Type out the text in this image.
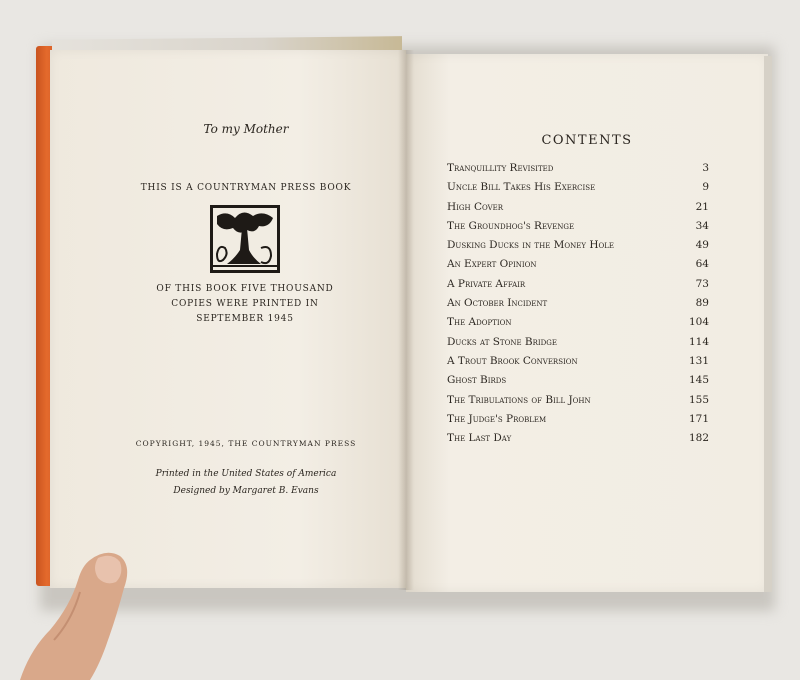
To my Mother
THIS IS A COUNTRYMAN PRESS BOOK
OF THIS BOOK FIVE THOUSAND
COPIES WERE PRINTED IN
SEPTEMBER 1945
COPYRIGHT, 1945, THE COUNTRYMAN PRESS
Printed in the United States of America
Designed by Margaret B. Evans
CONTENTS
Tranquillity Revisited	3
Uncle Bill Takes His Exercise	9
High Cover	21
The Groundhog's Revenge	34
Dusking Ducks in the Money Hole	49
An Expert Opinion	64
A Private Affair	73
An October Incident	89
The Adoption	104
Ducks at Stone Bridge	114
A Trout Brook Conversion	131
Ghost Birds	145
The Tribulations of Bill John	155
The Judge's Problem	171
The Last Day	182
